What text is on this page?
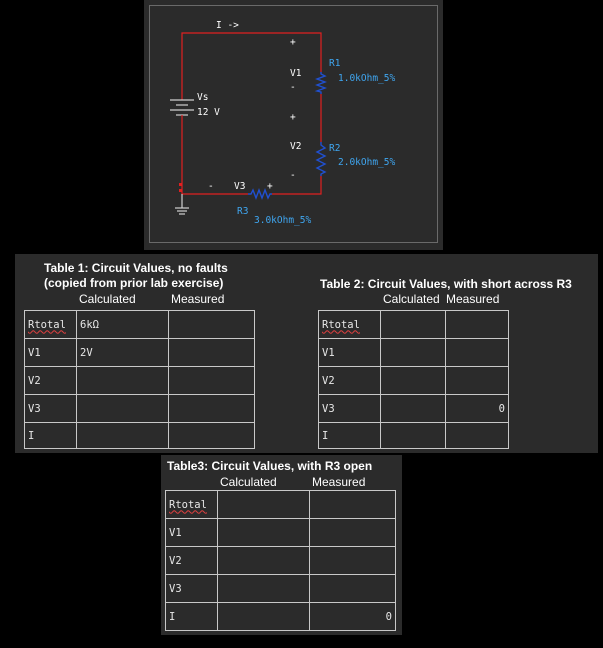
I ->
Vs
12 V
+
V1
-
R1
1.0kOhm_5%
+
V2
-
R2
2.0kOhm_5%
- V3 +
R3
3.0kOhm_5%
Table 1: Circuit Values, no faults
(copied from prior lab exercise)
Calculated	Measured
Rtotal	6kΩ	
V1	2V	
V2		
V3		
I		
Table 2: Circuit Values, with short across R3
Calculated Measured
Rtotal		
V1		
V2		
V3		0
I		
Table3: Circuit Values, with R3 open
Calculated	Measured
Rtotal		
V1		
V2		
V3		
I		0
